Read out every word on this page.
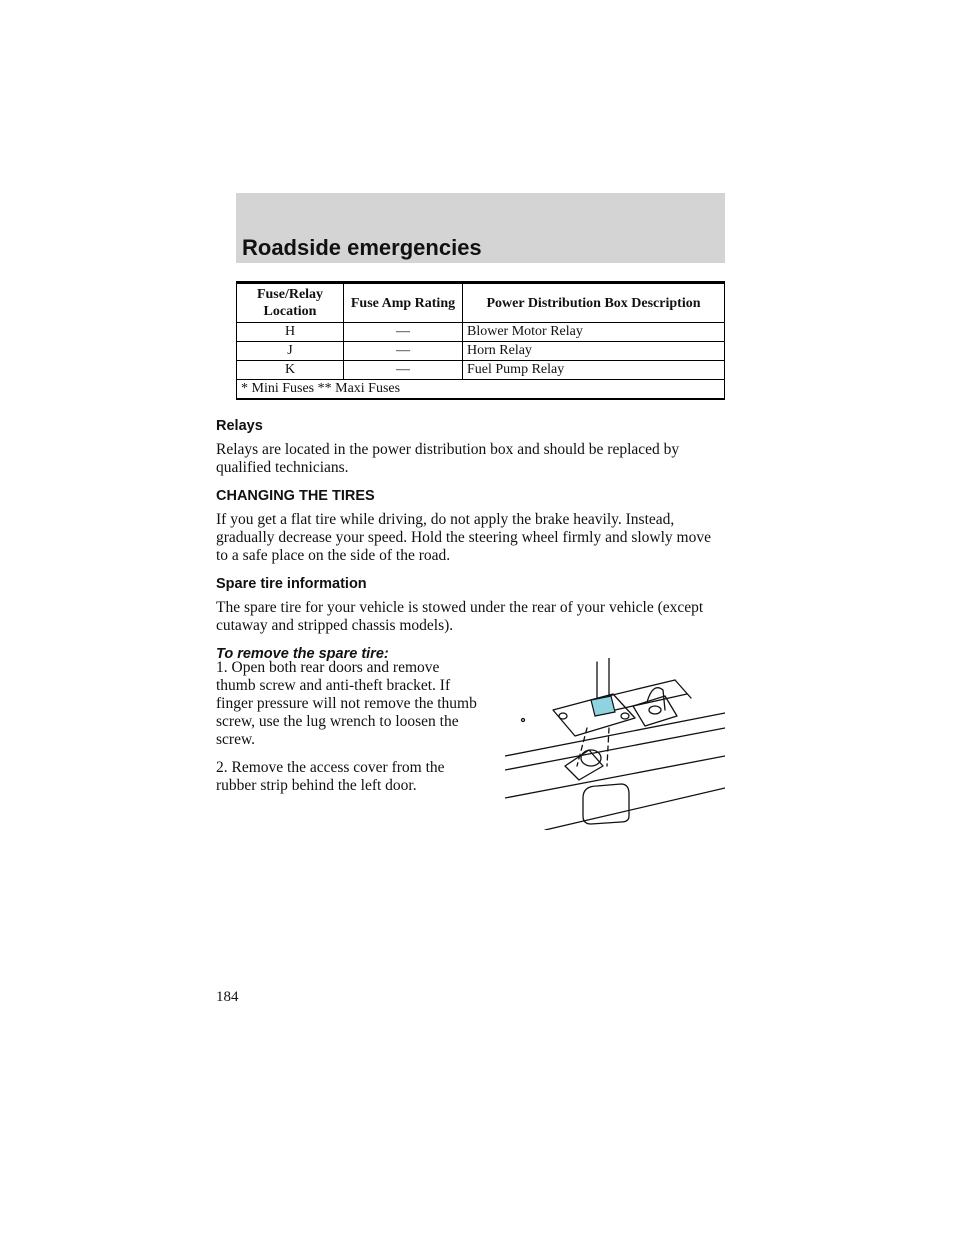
Roadside emergencies
Fuse/Relay Location	Fuse Amp Rating	Power Distribution Box Description
H	—	Blower Motor Relay
J	—	Horn Relay
K	—	Fuel Pump Relay
* Mini Fuses ** Maxi Fuses		
Relays

Relays are located in the power distribution box and should be replaced by qualified technicians.

CHANGING THE TIRES

If you get a flat tire while driving, do not apply the brake heavily. Instead, gradually decrease your speed. Hold the steering wheel firmly and slowly move to a safe place on the side of the road.

Spare tire information

The spare tire for your vehicle is stowed under the rear of your vehicle (except cutaway and stripped chassis models).

To remove the spare tire:

1. Open both rear doors and remove thumb screw and anti-theft bracket. If finger pressure will not remove the thumb screw, use the lug wrench to loosen the screw.

2. Remove the access cover from the rubber strip behind the left door.

184
